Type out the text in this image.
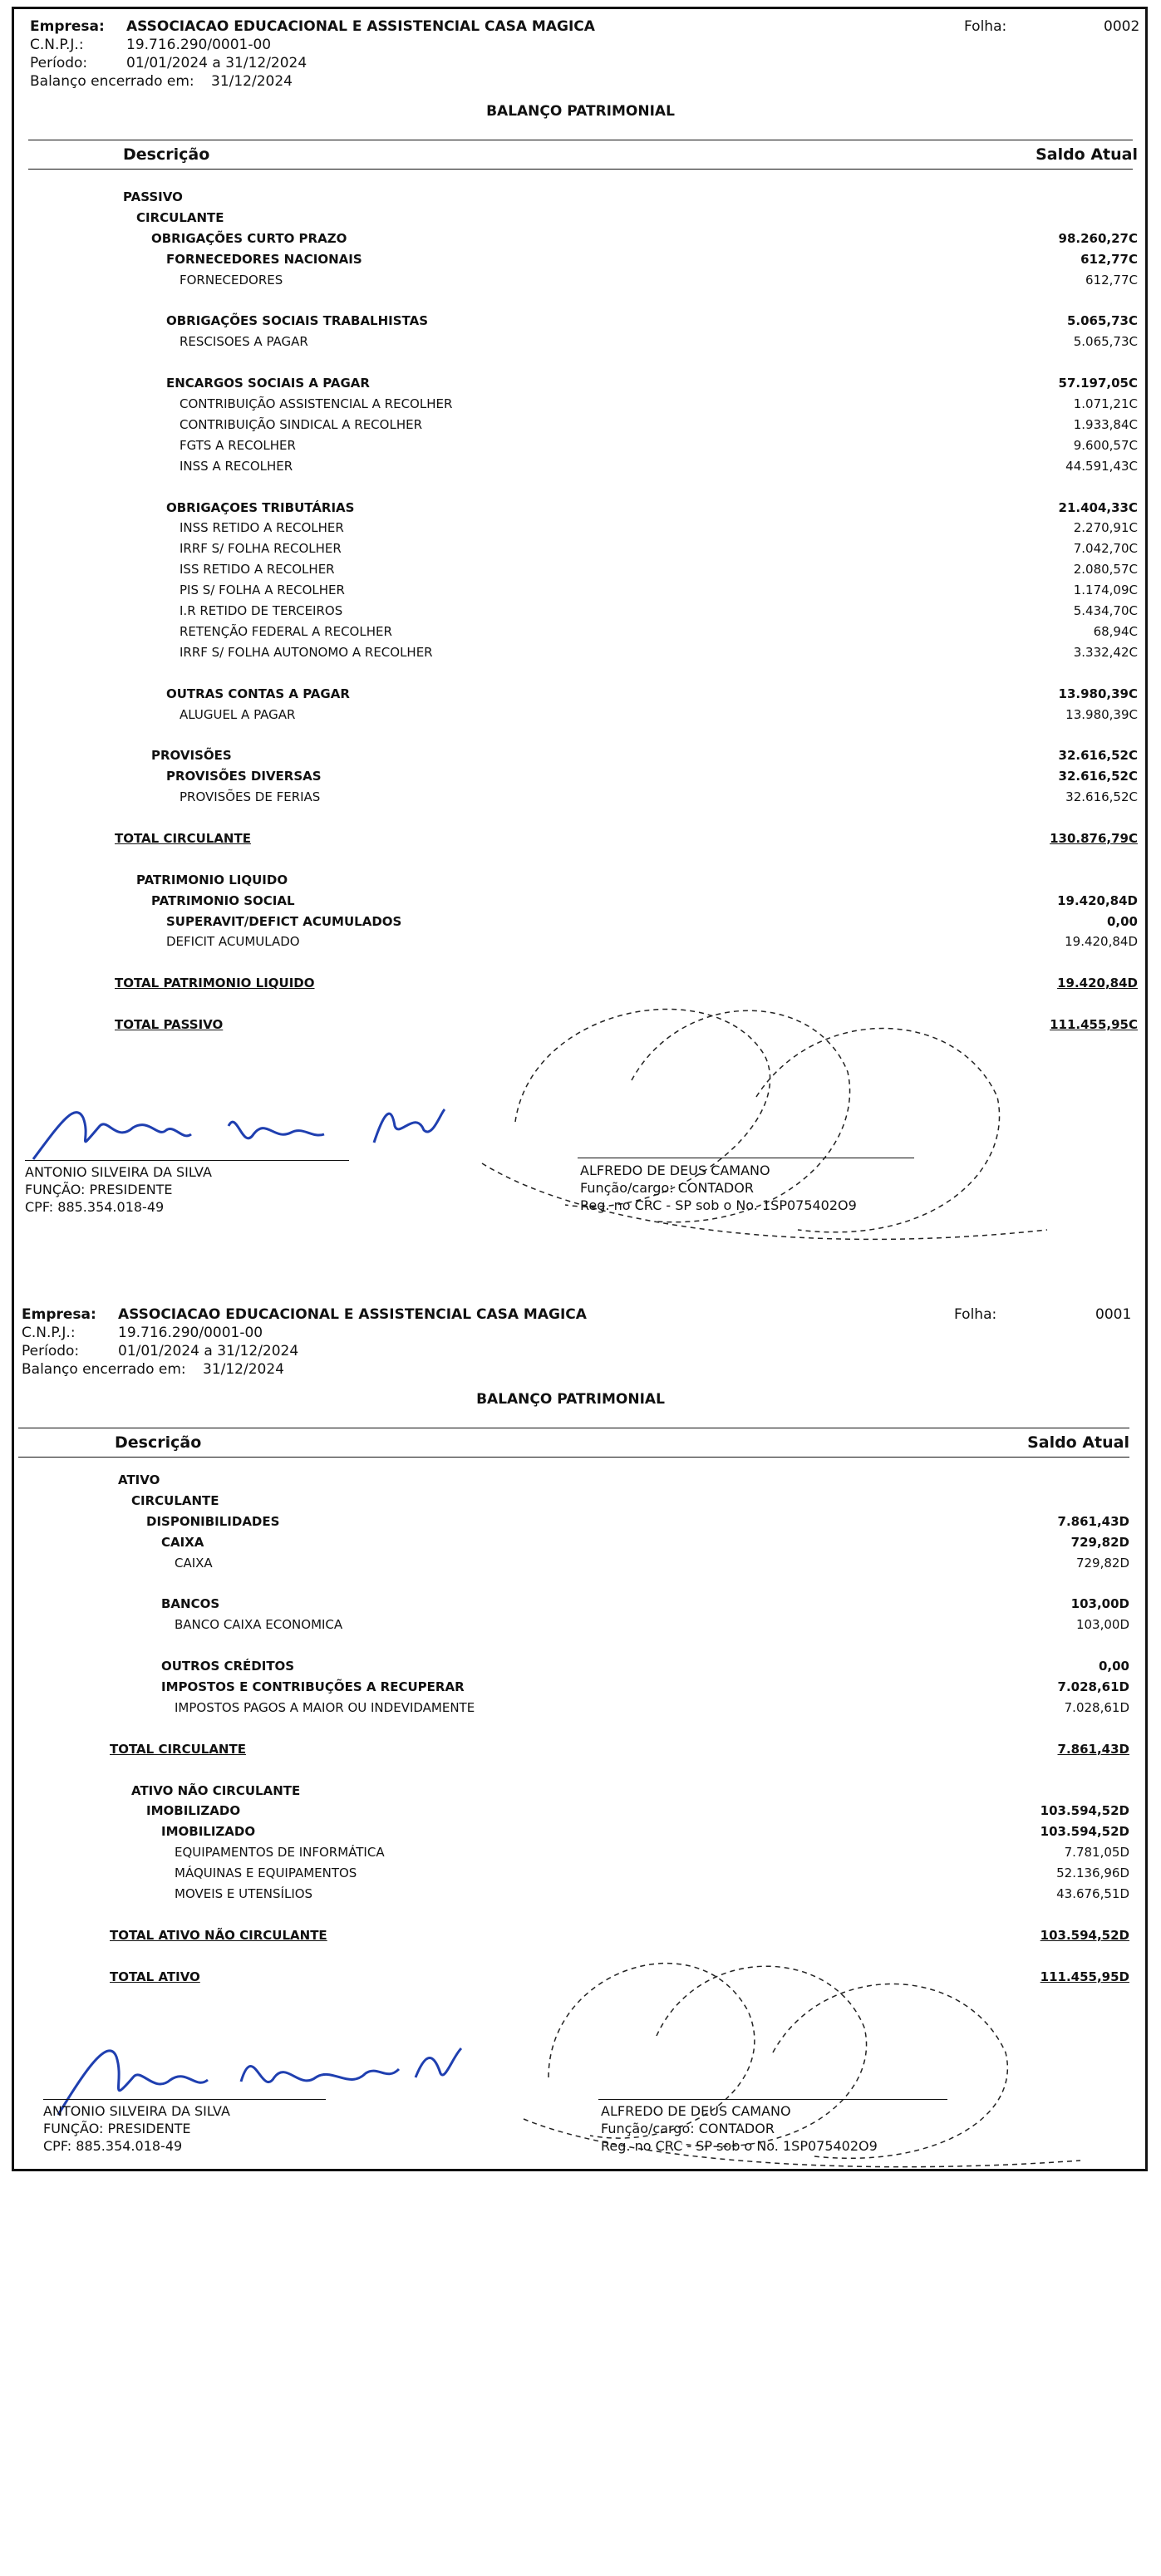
Empresa: ASSOCIACAO EDUCACIONAL E ASSISTENCIAL CASA MAGICA
C.N.P.J.:	19.716.290/0001-00
Período:	01/01/2024 a 31/12/2024
Balanço encerrado em: 31/12/2024
Folha:	0002
BALANÇO PATRIMONIAL
Descrição	Saldo Atual
PASSIVO
CIRCULANTE
OBRIGAÇÕES CURTO PRAZO	98.260,27C
FORNECEDORES NACIONAIS	612,77C
FORNECEDORES	612,77C
OBRIGAÇÕES SOCIAIS TRABALHISTAS	5.065,73C
RESCISOES A PAGAR	5.065,73C
ENCARGOS SOCIAIS A PAGAR	57.197,05C
CONTRIBUIÇÃO ASSISTENCIAL A RECOLHER	1.071,21C
CONTRIBUIÇÃO SINDICAL A RECOLHER	1.933,84C
FGTS A RECOLHER	9.600,57C
INSS A RECOLHER	44.591,43C
OBRIGAÇOES TRIBUTÁRIAS	21.404,33C
INSS RETIDO A RECOLHER	2.270,91C
IRRF S/ FOLHA RECOLHER	7.042,70C
ISS RETIDO A RECOLHER	2.080,57C
PIS S/ FOLHA A RECOLHER	1.174,09C
I.R RETIDO DE TERCEIROS	5.434,70C
RETENÇÃO FEDERAL A RECOLHER	68,94C
IRRF S/ FOLHA AUTONOMO A RECOLHER	3.332,42C
OUTRAS CONTAS A PAGAR	13.980,39C
ALUGUEL A PAGAR	13.980,39C
PROVISÕES	32.616,52C
PROVISÕES DIVERSAS	32.616,52C
PROVISÕES DE FERIAS	32.616,52C
TOTAL CIRCULANTE	130.876,79C
PATRIMONIO LIQUIDO
PATRIMONIO SOCIAL	19.420,84D
SUPERAVIT/DEFICT ACUMULADOS	0,00
DEFICIT ACUMULADO	19.420,84D
TOTAL PATRIMONIO LIQUIDO	19.420,84D
TOTAL PASSIVO	111.455,95C
ANTONIO SILVEIRA DA SILVA
FUNÇÃO: PRESIDENTE
CPF: 885.354.018-49
ALFREDO DE DEUS CAMANO
Função/cargo: CONTADOR
Reg. no CRC - SP sob o No. 1SP075402O9
Empresa: ASSOCIACAO EDUCACIONAL E ASSISTENCIAL CASA MAGICA
C.N.P.J.:	19.716.290/0001-00
Período:	01/01/2024 a 31/12/2024
Balanço encerrado em: 31/12/2024
Folha:	0001
BALANÇO PATRIMONIAL
Descrição	Saldo Atual
ATIVO
CIRCULANTE
DISPONIBILIDADES	7.861,43D
CAIXA	729,82D
CAIXA	729,82D
BANCOS	103,00D
BANCO CAIXA ECONOMICA	103,00D
OUTROS CRÉDITOS	0,00
IMPOSTOS E CONTRIBUÇÕES A RECUPERAR	7.028,61D
IMPOSTOS PAGOS A MAIOR OU INDEVIDAMENTE	7.028,61D
TOTAL CIRCULANTE	7.861,43D
ATIVO NÃO CIRCULANTE
IMOBILIZADO	103.594,52D
IMOBILIZADO	103.594,52D
EQUIPAMENTOS DE INFORMÁTICA	7.781,05D
MÁQUINAS E EQUIPAMENTOS	52.136,96D
MOVEIS E UTENSÍLIOS	43.676,51D
TOTAL ATIVO NÃO CIRCULANTE	103.594,52D
TOTAL ATIVO	111.455,95D
ANTONIO SILVEIRA DA SILVA
FUNÇÃO: PRESIDENTE
CPF: 885.354.018-49
ALFREDO DE DEUS CAMANO
Função/cargo: CONTADOR
Reg. no CRC - SP sob o No. 1SP075402O9
